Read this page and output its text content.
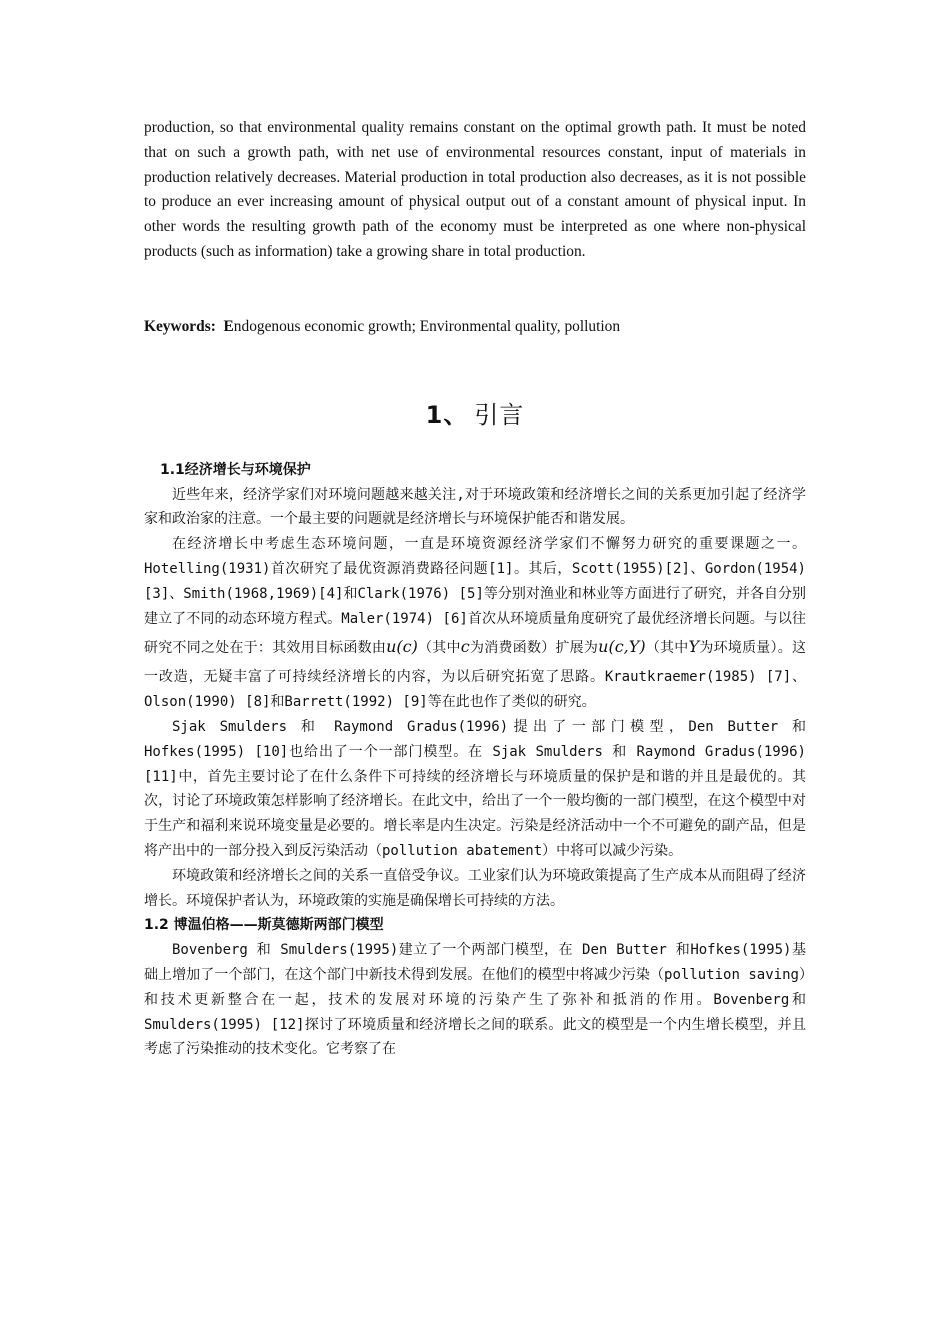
production, so that environmental quality remains constant on the optimal growth path. It must be noted that on such a growth path, with net use of environmental resources constant, input of materials in production relatively decreases. Material production in total production also decreases, as it is not possible to produce an ever increasing amount of physical output out of a constant amount of physical input. In other words the resulting growth path of the economy must be interpreted as one where non-physical products (such as information) take a growing share in total production.

Keywords: Endogenous economic growth; Environmental quality, pollution

1、 引言

1.1经济增长与环境保护

近些年来，经济学家们对环境问题越来越关注,对于环境政策和经济增长之间的关系更加引起了经济学家和政治家的注意。一个最主要的问题就是经济增长与环境保护能否和谐发展。

在经济增长中考虑生态环境问题，一直是环境资源经济学家们不懈努力研究的重要课题之一。Hotelling(1931)首次研究了最优资源消费路径问题[1]。其后，Scott(1955)[2]、Gordon(1954)[3]、Smith(1968,1969)[4]和Clark(1976) [5]等分别对渔业和林业等方面进行了研究，并各自分别建立了不同的动态环境方程式。Maler(1974) [6]首次从环境质量角度研究了最优经济增长问题。与以往研究不同之处在于：其效用目标函数由u(c)（其中c为消费函数）扩展为u(c,Y)（其中Y为环境质量）。这一改造，无疑丰富了可持续经济增长的内容，为以后研究拓宽了思路。Krautkraemer(1985) [7]、Olson(1990) [8]和Barrett(1992) [9]等在此也作了类似的研究。

Sjak Smulders 和 Raymond Gradus(1996)提出了一部门模型，Den Butter 和Hofkes(1995) [10]也给出了一个一部门模型。在 Sjak Smulders 和 Raymond Gradus(1996) [11]中，首先主要讨论了在什么条件下可持续的经济增长与环境质量的保护是和谐的并且是最优的。其次，讨论了环境政策怎样影响了经济增长。在此文中，给出了一个一般均衡的一部门模型，在这个模型中对于生产和福利来说环境变量是必要的。增长率是内生决定。污染是经济活动中一个不可避免的副产品，但是将产出中的一部分投入到反污染活动（pollution abatement）中将可以减少污染。

环境政策和经济增长之间的关系一直倍受争议。工业家们认为环境政策提高了生产成本从而阻碍了经济增长。环境保护者认为，环境政策的实施是确保增长可持续的方法。

1.2 博温伯格——斯莫德斯两部门模型

Bovenberg 和 Smulders(1995)建立了一个两部门模型，在 Den Butter 和Hofkes(1995)基础上增加了一个部门，在这个部门中新技术得到发展。在他们的模型中将减少污染（pollution saving）和技术更新整合在一起，技术的发展对环境的污染产生了弥补和抵消的作用。Bovenberg和 Smulders(1995) [12]探讨了环境质量和经济增长之间的联系。此文的模型是一个内生增长模型，并且考虑了污染推动的技术变化。它考察了在
